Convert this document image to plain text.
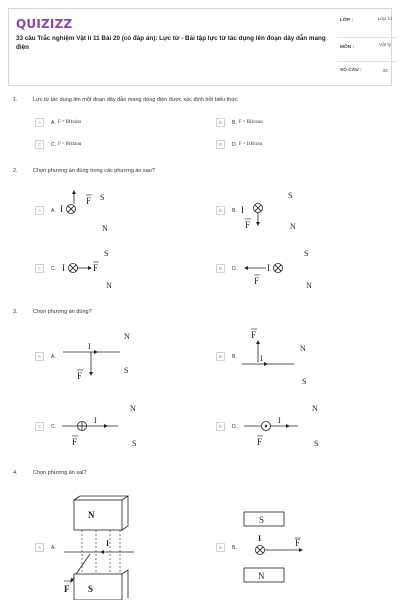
QUIZIZZ
33 câu Trắc nghiệm Vật lí 11 Bài 20 (có đáp án): Lực từ - Bài tập lực từ tác dụng lên đoạn dây dẫn mang điện
LỚP :	Lớp 11
MÔN :	Vật lý
SỐ CÂU :	33
1.	Lực từ tác dụng lên một đoạn dây dẫn mang dòng điện được xác định bởi biểu thức
A	A. F = BIℓsinα	B	B. F = BIℓcosα
C	C. F = BIℓtanα	D	D. F = IℓBcotα
2.	Chọn phương án đúng trong các phương án sau?
A	A. I
F S
N
B	B. I
F
S
N
C	C.
S
I	F
N
D	D.
S
I
F	N
3.	Chọn phương án đúng?
A	A.
N
I
F
S
B	B.
F
N
I
S
C	C.
N
I
F	S
D	D.
N
I
F	S
4.	Chọn phương án sai?
A	A.
N
I
S
F
B	B.
S
I	F
N
